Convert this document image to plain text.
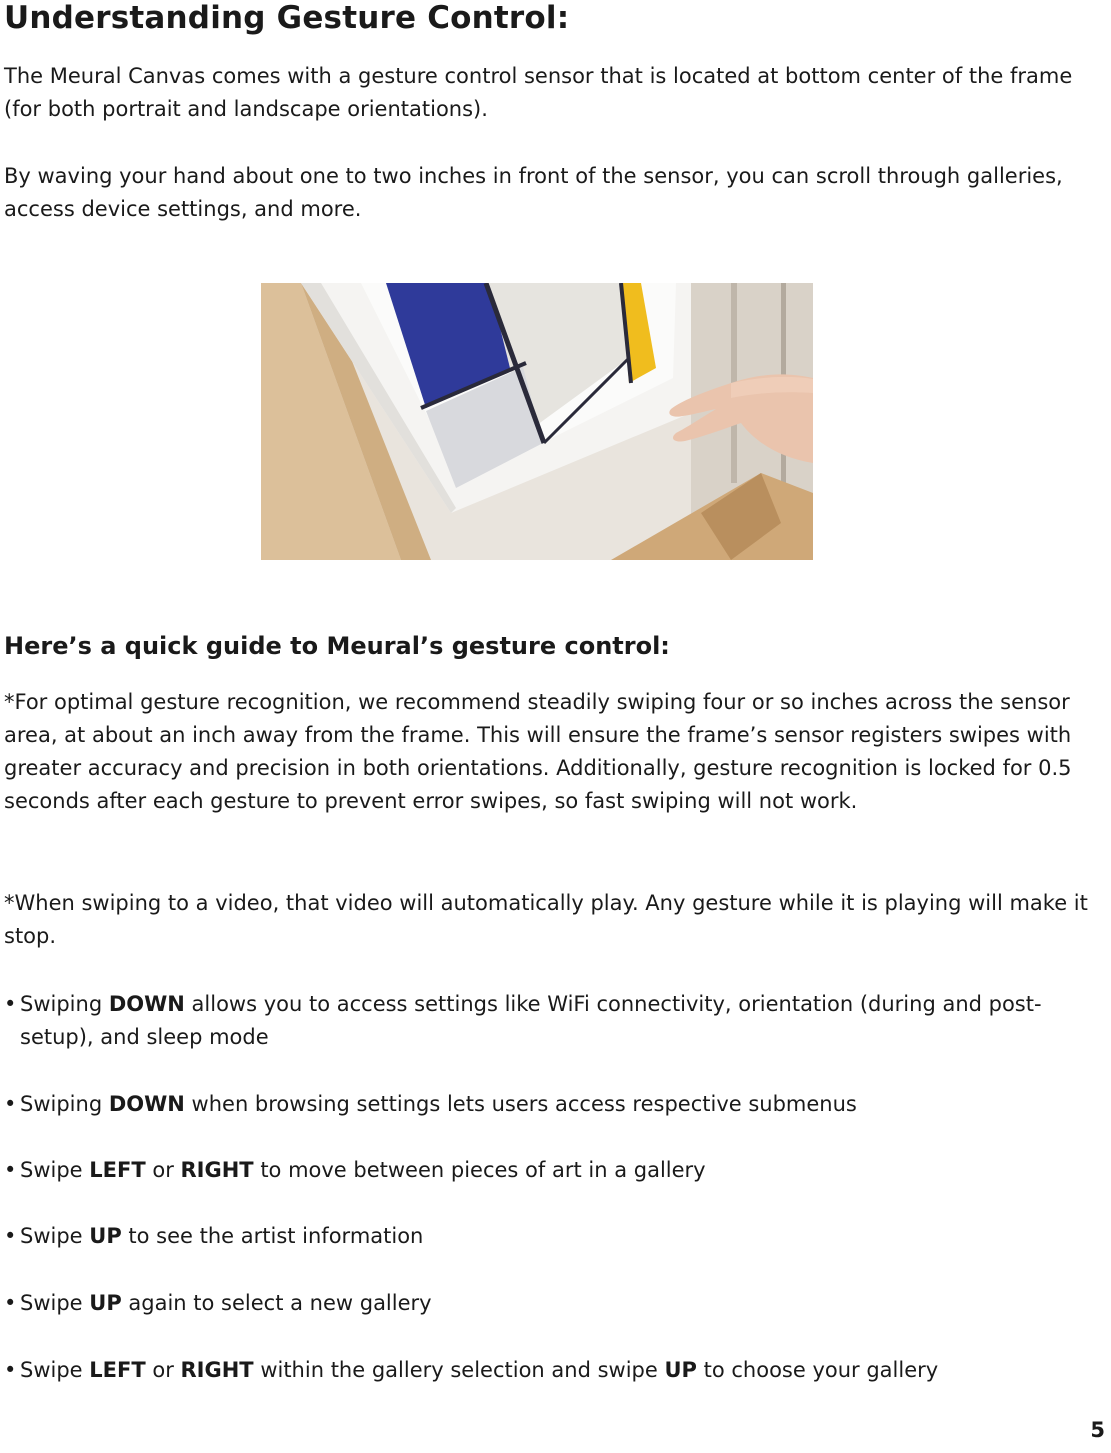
Understanding Gesture Control:

The Meural Canvas comes with a gesture control sensor that is located at bottom center of the frame (for both portrait and landscape orientations).

By waving your hand about one to two inches in front of the sensor, you can scroll through galleries, access device settings, and more.

Here’s a quick guide to Meural’s gesture control:

*For optimal gesture recognition, we recommend steadily swiping four or so inches across the sensor area, at about an inch away from the frame. This will ensure the frame’s sensor registers swipes with greater accuracy and precision in both orientations. Additionally, gesture recognition is locked for 0.5 seconds after each gesture to prevent error swipes, so fast swiping will not work.

*When swiping to a video, that video will automatically play. Any gesture while it is playing will make it stop.

• Swiping DOWN allows you to access settings like WiFi connectivity, orientation (during and post-setup), and sleep mode
• Swiping DOWN when browsing settings lets users access respective submenus
• Swipe LEFT or RIGHT to move between pieces of art in a gallery
• Swipe UP to see the artist information
• Swipe UP again to select a new gallery
• Swipe LEFT or RIGHT within the gallery selection and swipe UP to choose your gallery
5
